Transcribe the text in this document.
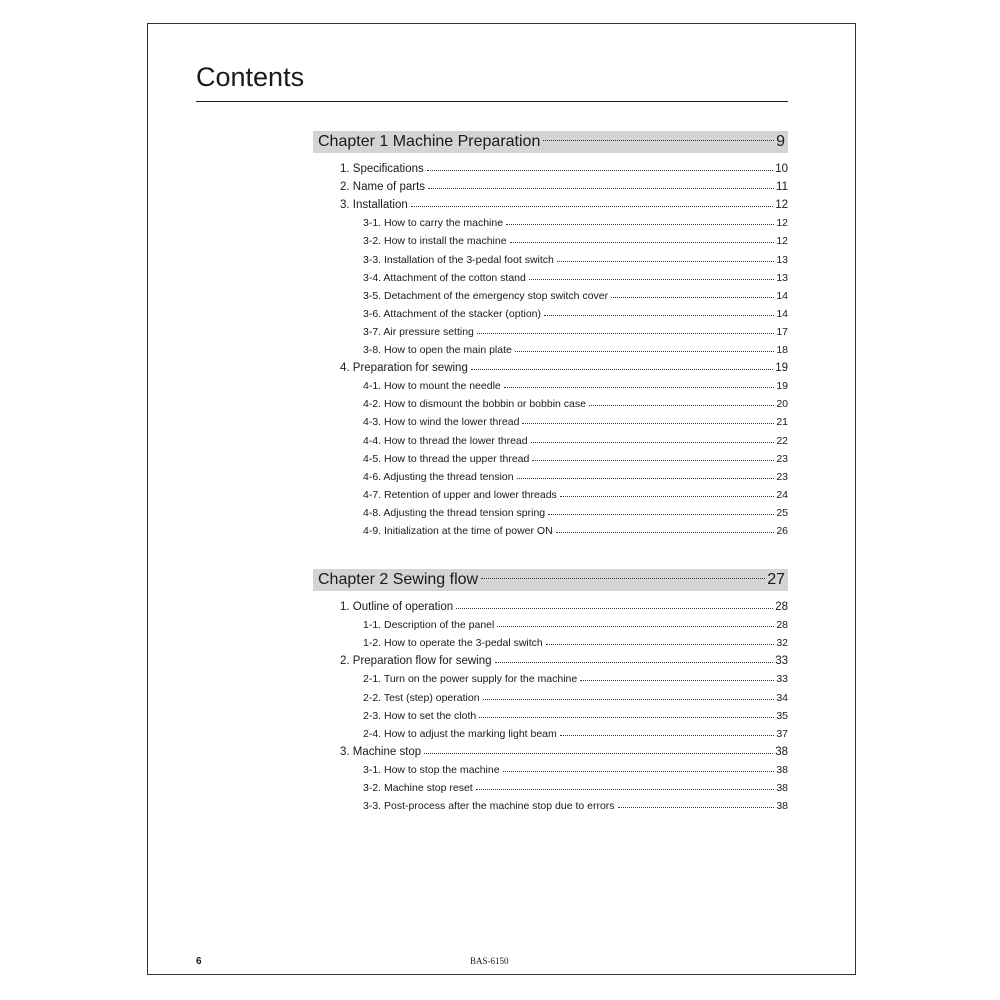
Contents
Chapter 1 Machine Preparation	9
1. Specifications	10
2. Name of parts	11
3. Installation	12
3-1. How to carry the machine	12
3-2. How to install the machine	12
3-3. Installation of the 3-pedal foot switch	13
3-4. Attachment of the cotton stand	13
3-5. Detachment of the emergency stop switch cover	14
3-6. Attachment of the stacker (option)	14
3-7. Air pressure setting	17
3-8. How to open the main plate	18
4. Preparation for sewing	19
4-1. How to mount the needle	19
4-2. How to dismount the bobbin or bobbin case	20
4-3. How to wind the lower thread	21
4-4. How to thread the lower thread	22
4-5. How to thread the upper thread	23
4-6. Adjusting the thread tension	23
4-7. Retention of upper and lower threads	24
4-8. Adjusting the thread tension spring	25
4-9. Initialization at the time of power ON	26
Chapter 2 Sewing flow	27
1. Outline of operation	28
1-1. Description of the panel	28
1-2. How to operate the 3-pedal switch	32
2. Preparation flow for sewing	33
2-1. Turn on the power supply for the machine	33
2-2. Test (step) operation	34
2-3. How to set the cloth	35
2-4. How to adjust the marking light beam	37
3. Machine stop	38
3-1. How to stop the machine	38
3-2. Machine stop reset	38
3-3. Post-process after the machine stop due to errors	38
6	BAS-6150
